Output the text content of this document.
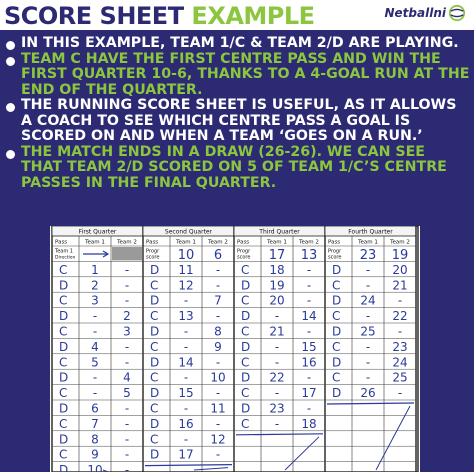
SCORE SHEET EXAMPLE	Netballni
IN THIS EXAMPLE, TEAM 1/C & TEAM 2/D ARE PLAYING.
TEAM C HAVE THE FIRST CENTRE PASS AND WIN THE FIRST QUARTER 10-6, THANKS TO A 4-GOAL RUN AT THE END OF THE QUARTER.
THE RUNNING SCORE SHEET IS USEFUL, AS IT ALLOWS A COACH TO SEE WHICH CENTRE PASS A GOAL IS SCORED ON AND WHEN A TEAM ‘GOES ON A RUN.’
THE MATCH ENDS IN A DRAW (26-26). WE CAN SEE THAT TEAM 2/D SCORED ON 5 OF TEAM 1/C’S CENTRE PASSES IN THE FINAL QUARTER.
First Quarter
Pass	Team 1 Team 2
Team 1
Direction
C 1 -
D 2 -
C 3 -
D - 2
C - 3
D 4 -
C 5 -
D - 4
C - 5
D 6 -
C 7 -
D 8 -
C 9 -
D 10 -
Second Quarter
Pass	Team 1 Team 2
Progr
score 10 6
D 11 -
C 12 -
D - 7
C 13 -
D - 8
C - 9
D 14 -
C - 10
D 15 -
C - 11
D 16 -
C - 12
D 17 -
Third Quarter
Pass	Team 1 Team 2
Progr
score 17 13
C 18 -
D 19 -
C 20 -
D - 14
C 21 -
D - 15
C - 16
D 22 -
C - 17
D 23 -
C - 18
Fourth Quarter
Pass	Team 1 Team 2
Progr
score 23 19
D - 20
C - 21
D 24 -
C - 22
D 25 -
C - 23
D - 24
C - 25
D 26 -
